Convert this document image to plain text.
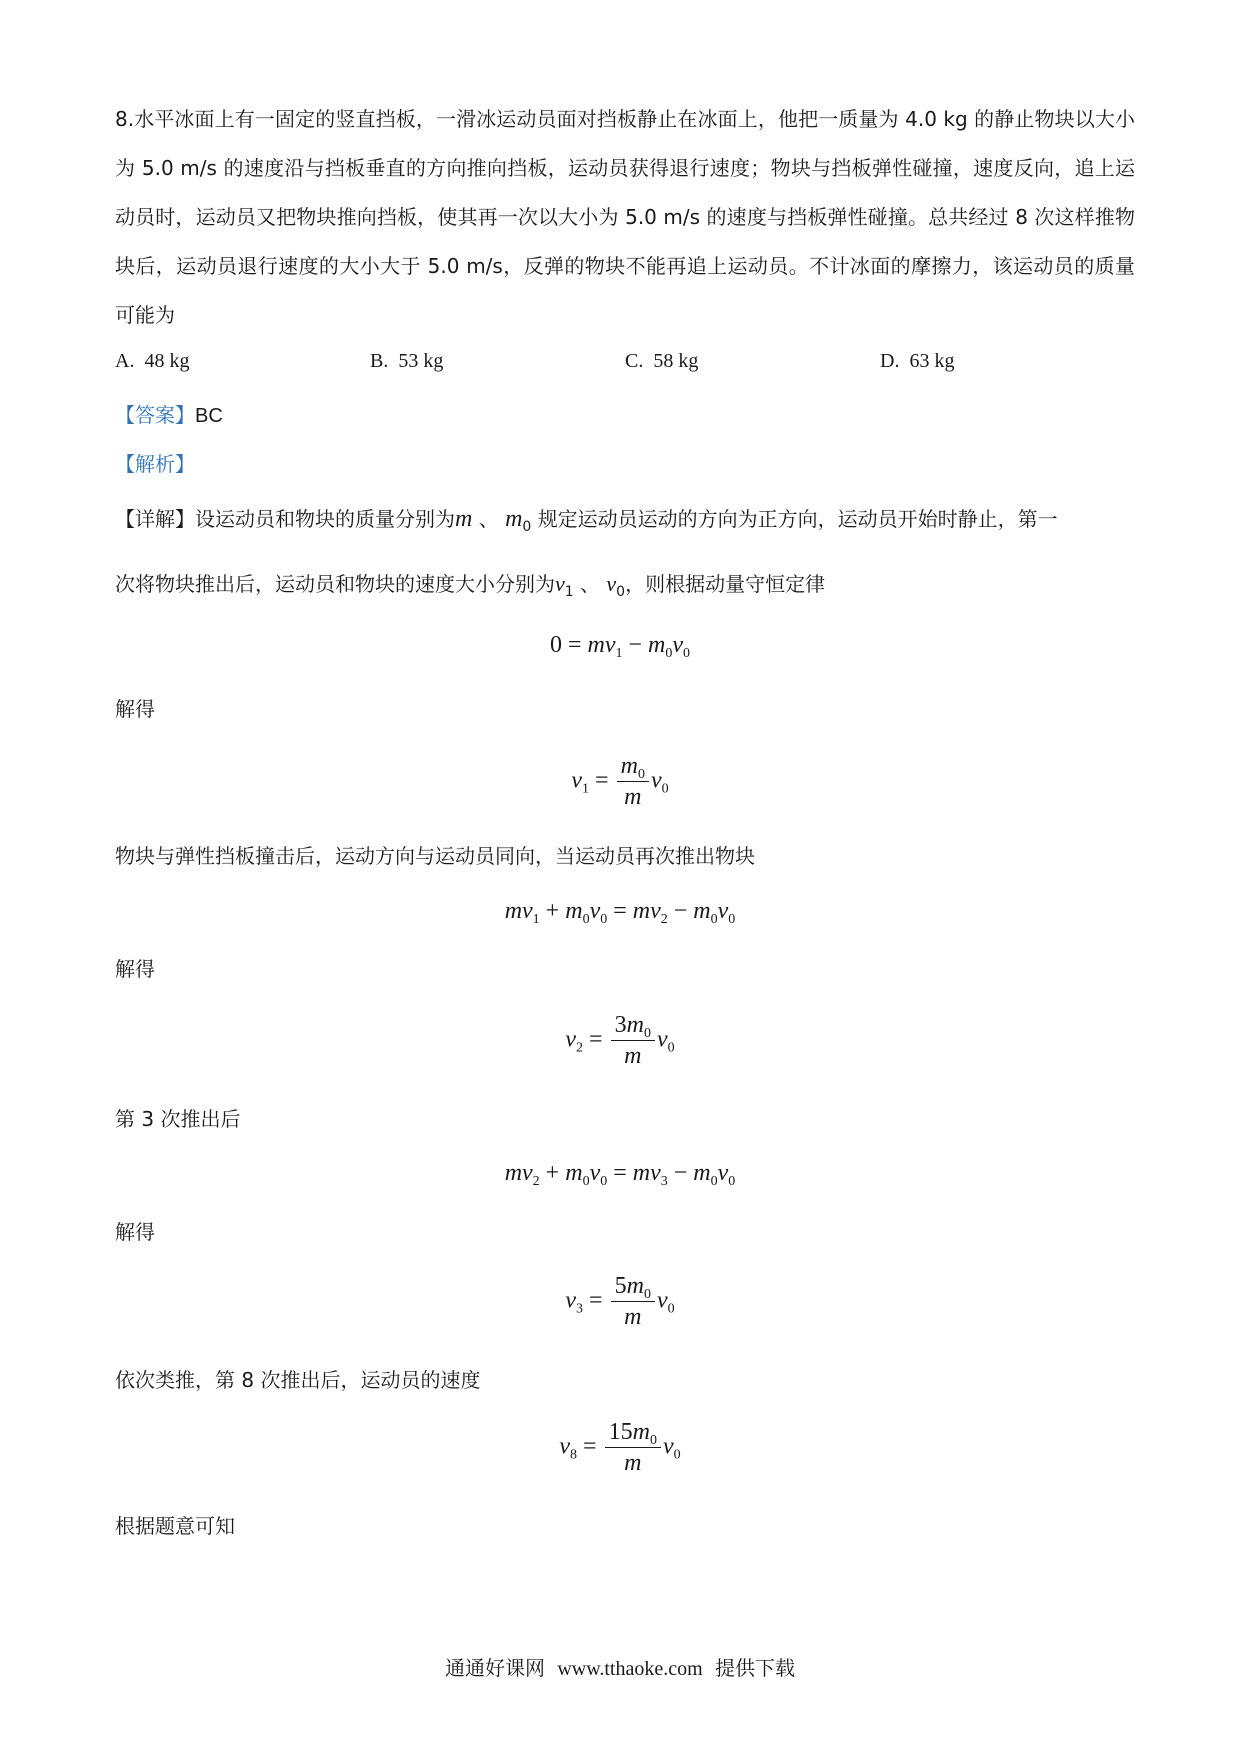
8.水平冰面上有一固定的竖直挡板，一滑冰运动员面对挡板静止在冰面上，他把一质量为 4.0 kg 的静止物块以大小为 5.0 m/s 的速度沿与挡板垂直的方向推向挡板，运动员获得退行速度；物块与挡板弹性碰撞，速度反向，追上运动员时，运动员又把物块推向挡板，使其再一次以大小为 5.0 m/s 的速度与挡板弹性碰撞。总共经过 8 次这样推物块后，运动员退行速度的大小大于 5.0 m/s，反弹的物块不能再追上运动员。不计冰面的摩擦力，该运动员的质量可能为
A. 48 kg	B. 53 kg	C. 58 kg	D. 63 kg
【答案】BC
【解析】
【详解】设运动员和物块的质量分别为m 、 $m_0$ 规定运动员运动的方向为正方向，运动员开始时静止，第一
次将物块推出后，运动员和物块的速度大小分别为$v_1$ 、 $v_0$，则根据动量守恒定律
$0 = mv_1 - m_0v_0$
解得
$v_1 = \frac{m_0}{m} v_0$
物块与弹性挡板撞击后，运动方向与运动员同向，当运动员再次推出物块
$mv_1 + m_0v_0 = mv_2 - m_0v_0$
解得
$v_2 = \frac{3m_0}{m} v_0$
第 3 次推出后
$mv_2 + m_0v_0 = mv_3 - m_0v_0$
解得
$v_3 = \frac{5m_0}{m} v_0$
依次类推，第 8 次推出后，运动员的速度
$v_8 = \frac{15m_0}{m} v_0$
根据题意可知
通通好课网 www.tthaoke.com 提供下载
